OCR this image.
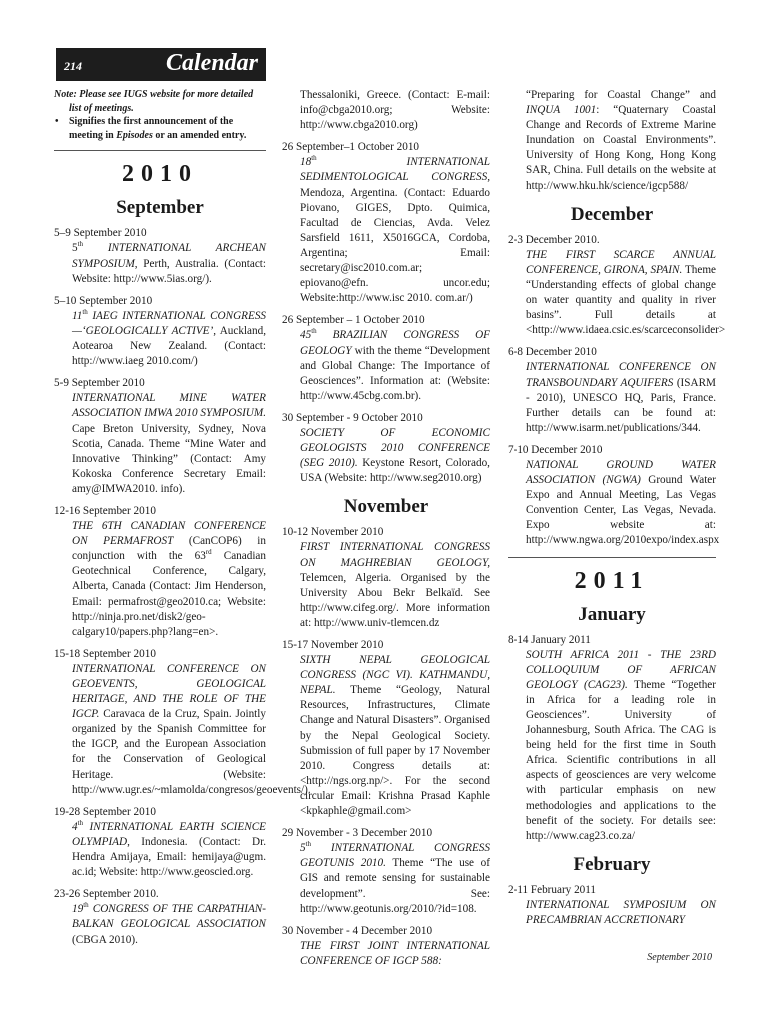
214	Calendar
Note: Please see IUGS website for more detailed
list of meetings.
• Signifies the first announcement of the
meeting in Episodes or an amended entry.
2010
September
5–9 September 2010
5th INTERNATIONAL ARCHEAN SYMPOSIUM, Perth, Australia. (Contact: Website: http://www.5ias.org/).
5–10 September 2010
11th IAEG INTERNATIONAL CONGRESS —‘GEOLOGICALLY ACTIVE’, Auckland, Aotearoa New Zealand. (Contact: http://www.iaeg 2010.com/)
5-9 September 2010
INTERNATIONAL MINE WATER ASSOCIATION IMWA 2010 SYMPOSIUM. Cape Breton University, Sydney, Nova Scotia, Canada. Theme “Mine Water and Innovative Thinking” (Contact: Amy Kokoska Conference Secretary Email: amy@IMWA2010. info).
12-16 September 2010
THE 6TH CANADIAN CONFERENCE ON PERMAFROST (CanCOP6) in conjunction with the 63rd Canadian Geotechnical Conference, Calgary, Alberta, Canada (Contact: Jim Henderson, Email: permafrost@geo2010.ca; Website: http://ninja.pro.net/disk2/geo-calgary10/papers.php?lang=en>.
15-18 September 2010
INTERNATIONAL CONFERENCE ON GEOEVENTS, GEOLOGICAL HERITAGE, AND THE ROLE OF THE IGCP. Caravaca de la Cruz, Spain. Jointly organized by the Spanish Committee for the IGCP, and the European Association for the Conservation of Geological Heritage. (Website: http://www.ugr.es/~mlamolda/congresos/geoevents/).
19-28 September 2010
4th INTERNATIONAL EARTH SCIENCE OLYMPIAD, Indonesia. (Contact: Dr. Hendra Amijaya, Email: hemijaya@ugm. ac.id; Website: http://www.geoscied.org.
23-26 September 2010.
19th CONGRESS OF THE CARPATHIAN-BALKAN GEOLOGICAL ASSOCIATION (CBGA 2010).
Thessaloniki, Greece. (Contact: E-mail: info@cbga2010.org; Website: http://www.cbga2010.org)
26 September–1 October 2010
18th	INTERNATIONAL SEDIMENTOLOGICAL CONGRESS, Mendoza, Argentina. (Contact: Eduardo Piovano, GIGES, Dpto. Quimica, Facultad de Ciencias, Avda. Velez Sarsfield 1611, X5016GCA, Cordoba, Argentina; Email: secretary@isc2010.com.ar; epiovano@efn. uncor.edu; Website:http://www.isc 2010. com.ar/)
26 September – 1 October 2010
45th BRAZILIAN CONGRESS OF GEOLOGY with the theme “Development and Global Change: The Importance of Geosciences”. Information at: (Website: http://www.45cbg.com.br).
30 September - 9 October 2010
SOCIETY OF ECONOMIC GEOLOGISTS 2010 CONFERENCE (SEG 2010). Keystone Resort, Colorado, USA (Website: http://www.seg2010.org)
November
10-12 November 2010
FIRST INTERNATIONAL CONGRESS ON MAGHREBIAN GEOLOGY, Telemcen, Algeria. Organised by the University Abou Bekr Belkaïd. See http://www.cifeg.org/. More information at: http://www.univ-tlemcen.dz
15-17 November 2010
SIXTH NEPAL GEOLOGICAL CONGRESS (NGC VI). KATHMANDU, NEPAL. Theme “Geology, Natural Resources, Infrastructures, Climate Change and Natural Disasters”. Organised by the Nepal Geological Society. Submission of full paper by 17 November 2010. Congress details at: <http://ngs.org.np/>. For the second circular Email: Krishna Prasad Kaphle <kpkaphle@gmail.com>
29 November - 3 December 2010
5th INTERNATIONAL CONGRESS GEOTUNIS 2010. Theme “The use of GIS and remote sensing for sustainable development”. See: http://www.geotunis.org/2010/?id=108.
30 November - 4 December 2010
THE FIRST JOINT INTERNATIONAL CONFERENCE OF IGCP 588:
“Preparing for Coastal Change” and INQUA 1001: “Quaternary Coastal Change and Records of Extreme Marine Inundation on Coastal Environments”. University of Hong Kong, Hong Kong SAR, China. Full details on the website at http://www.hku.hk/science/igcp588/
December
2-3 December 2010.
THE FIRST SCARCE ANNUAL CONFERENCE, GIRONA, SPAIN. Theme “Understanding effects of global change on water quantity and quality in river basins”. Full details at <http://www.idaea.csic.es/scarceconsolider>
6-8 December 2010
INTERNATIONAL CONFERENCE ON TRANSBOUNDARY AQUIFERS (ISARM - 2010), UNESCO HQ, Paris, France. Further details can be found at: http://www.isarm.net/publications/344.
7-10 December 2010
NATIONAL GROUND WATER ASSOCIATION (NGWA) Ground Water Expo and Annual Meeting, Las Vegas Convention Center, Las Vegas, Nevada. Expo website at: http://www.ngwa.org/2010expo/index.aspx
2011
January
8-14 January 2011
SOUTH AFRICA 2011 - THE 23RD COLLOQUIUM OF AFRICAN GEOLOGY (CAG23). Theme “Together in Africa for a leading role in Geosciences”. University of Johannesburg, South Africa. The CAG is being held for the first time in South Africa. Scientific contributions in all aspects of geosciences are very welcome with particular emphasis on new methodologies and applications to the benefit of the society. For details see: http://www.cag23.co.za/
February
2-11 February 2011
INTERNATIONAL SYMPOSIUM ON PRECAMBRIAN ACCRETIONARY
September 2010
